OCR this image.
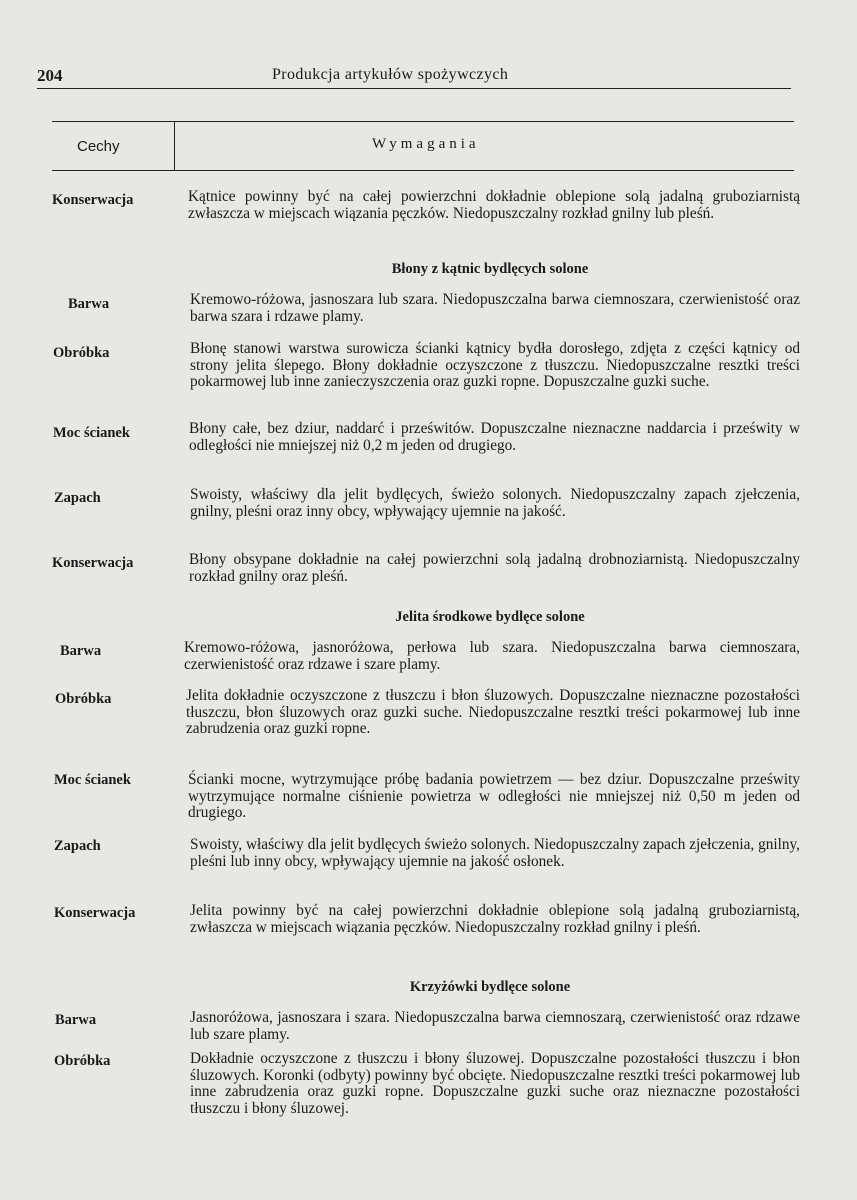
204	Produkcja artykułów spożywczych
Cechy	Wymagania
Konserwacja	Kątnice powinny być na całej powierzchni dokładnie oblepione solą jadalną gruboziarnistą zwłaszcza w miejscach wiązania pęczków. Niedopuszczalny rozkład gnilny lub pleśń.
Błony z kątnic bydlęcych solone
Barwa	Kremowo-różowa, jasnoszara lub szara. Niedopuszczalna barwa ciemnoszara, czerwienistość oraz barwa szara i rdzawe plamy.
Obróbka	Błonę stanowi warstwa surowicza ścianki kątnicy bydła dorosłego, zdjęta z części kątnicy od strony jelita ślepego. Błony dokładnie oczyszczone z tłuszczu. Niedopuszczalne resztki treści pokarmowej lub inne zanieczyszczenia oraz guzki ropne. Dopuszczalne guzki suche.
Moc ścianek	Błony całe, bez dziur, naddarć i prześwitów. Dopuszczalne nieznaczne naddarcia i prześwity w odległości nie mniejszej niż 0,2 m jeden od drugiego.
Zapach	Swoisty, właściwy dla jelit bydlęcych, świeżo solonych. Niedopuszczalny zapach zjełczenia, gnilny, pleśni oraz inny obcy, wpływający ujemnie na jakość.
Konserwacja	Błony obsypane dokładnie na całej powierzchni solą jadalną drobnoziarnistą. Niedopuszczalny rozkład gnilny oraz pleśń.
Jelita środkowe bydlęce solone
Barwa	Kremowo-różowa, jasnoróżowa, perłowa lub szara. Niedopuszczalna barwa ciemnoszara, czerwienistość oraz rdzawe i szare plamy.
Obróbka	Jelita dokładnie oczyszczone z tłuszczu i błon śluzowych. Dopuszczalne nieznaczne pozostałości tłuszczu, błon śluzowych oraz guzki suche. Niedopuszczalne resztki treści pokarmowej lub inne zabrudzenia oraz guzki ropne.
Moc ścianek	Ścianki mocne, wytrzymujące próbę badania powietrzem — bez dziur. Dopuszczalne prześwity wytrzymujące normalne ciśnienie powietrza w odległości nie mniejszej niż 0,50 m jeden od drugiego.
Zapach	Swoisty, właściwy dla jelit bydlęcych świeżo solonych. Niedopuszczalny zapach zjełczenia, gnilny, pleśni lub inny obcy, wpływający ujemnie na jakość osłonek.
Konserwacja	Jelita powinny być na całej powierzchni dokładnie oblepione solą jadalną gruboziarnistą, zwłaszcza w miejscach wiązania pęczków. Niedopuszczalny rozkład gnilny i pleśń.
Krzyżówki bydlęce solone
Barwa	Jasnoróżowa, jasnoszara i szara. Niedopuszczalna barwa ciemnoszarą, czerwienistość oraz rdzawe lub szare plamy.
Obróbka	Dokładnie oczyszczone z tłuszczu i błony śluzowej. Dopuszczalne pozostałości tłuszczu i błon śluzowych. Koronki (odbyty) powinny być obcięte. Niedopuszczalne resztki treści pokarmowej lub inne zabrudzenia oraz guzki ropne. Dopuszczalne guzki suche oraz nieznaczne pozostałości tłuszczu i błony śluzowej.
